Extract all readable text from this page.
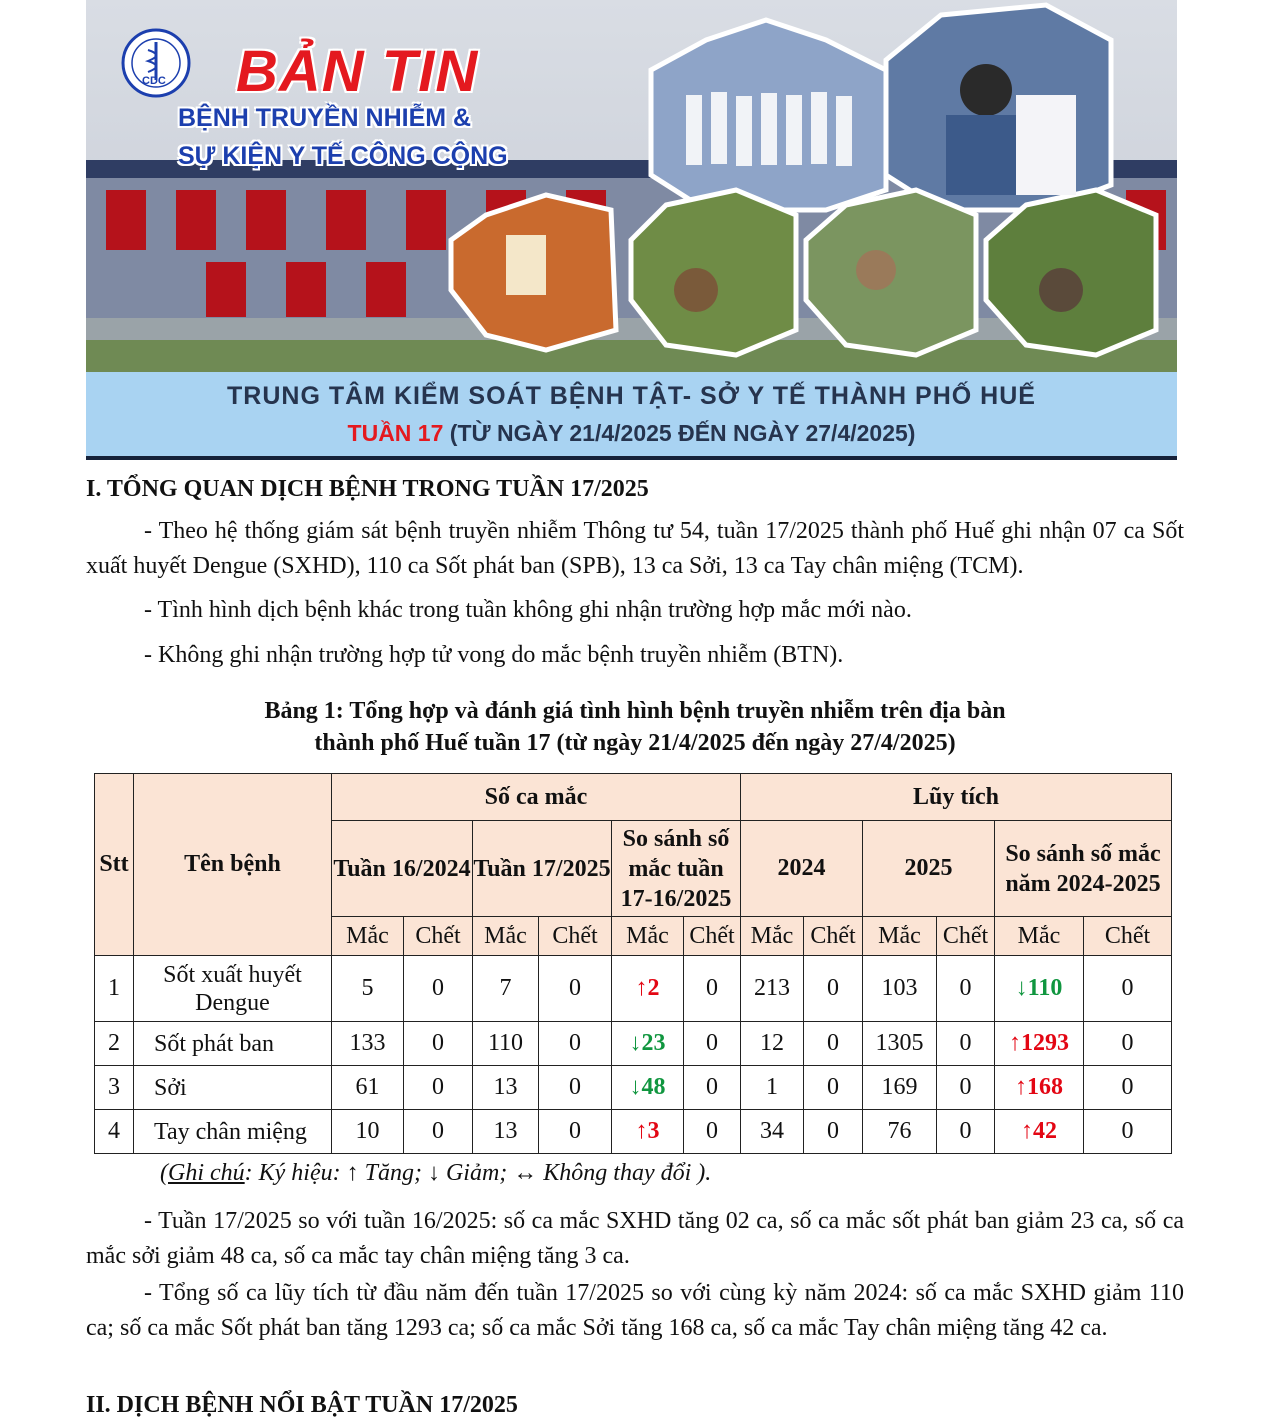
CDC BẢN TIN
BỆNH TRUYỀN NHIỄM &
SỰ KIỆN Y TẾ CÔNG CỘNG
TRUNG TÂM KIỂM SOÁT BỆNH TẬT- SỞ Y TẾ THÀNH PHỐ HUẾ
TUẦN 17 (TỪ NGÀY 21/4/2025 ĐẾN NGÀY 27/4/2025)
I. TỔNG QUAN DỊCH BỆNH TRONG TUẦN 17/2025
- Theo hệ thống giám sát bệnh truyền nhiễm Thông tư 54, tuần 17/2025 thành phố Huế ghi nhận 07 ca Sốt xuất huyết Dengue (SXHD), 110 ca Sốt phát ban (SPB), 13 ca Sởi, 13 ca Tay chân miệng (TCM).
- Tình hình dịch bệnh khác trong tuần không ghi nhận trường hợp mắc mới nào.
- Không ghi nhận trường hợp tử vong do mắc bệnh truyền nhiễm (BTN).
Bảng 1: Tổng hợp và đánh giá tình hình bệnh truyền nhiễm trên địa bàn
thành phố Huế tuần 17 (từ ngày 21/4/2025 đến ngày 27/4/2025)
Stt	Tên bệnh	Số ca mắc						Lũy tích					
		Tuần 16/2024		Tuần 17/2025		So sánh số mắc tuần 17-16/2025		2024		2025		So sánh số mắc năm 2024-2025	
		Mắc	Chết	Mắc	Chết	Mắc	Chết	Mắc	Chết	Mắc	Chết	Mắc	Chết
1	Sốt xuất huyết Dengue	5	0	7	0	↑2	0	213	0	103	0	↓110	0
2	Sốt phát ban	133	0	110	0	↓23	0	12	0	1305	0	↑1293	0
3	Sởi	61	0	13	0	↓48	0	1	0	169	0	↑168	0
4	Tay chân miệng	10	0	13	0	↑3	0	34	0	76	0	↑42	0
(Ghi chú: Ký hiệu: ↑ Tăng; ↓ Giảm; ↔ Không thay đổi ).
- Tuần 17/2025 so với tuần 16/2025: số ca mắc SXHD tăng 02 ca, số ca mắc sốt phát ban giảm 23 ca, số ca mắc sởi giảm 48 ca, số ca mắc tay chân miệng tăng 3 ca.
- Tổng số ca lũy tích từ đầu năm đến tuần 17/2025 so với cùng kỳ năm 2024: số ca mắc SXHD giảm 110 ca; số ca mắc Sốt phát ban tăng 1293 ca; số ca mắc Sởi tăng 168 ca, số ca mắc Tay chân miệng tăng 42 ca.
II. DỊCH BỆNH NỔI BẬT TUẦN 17/2025
